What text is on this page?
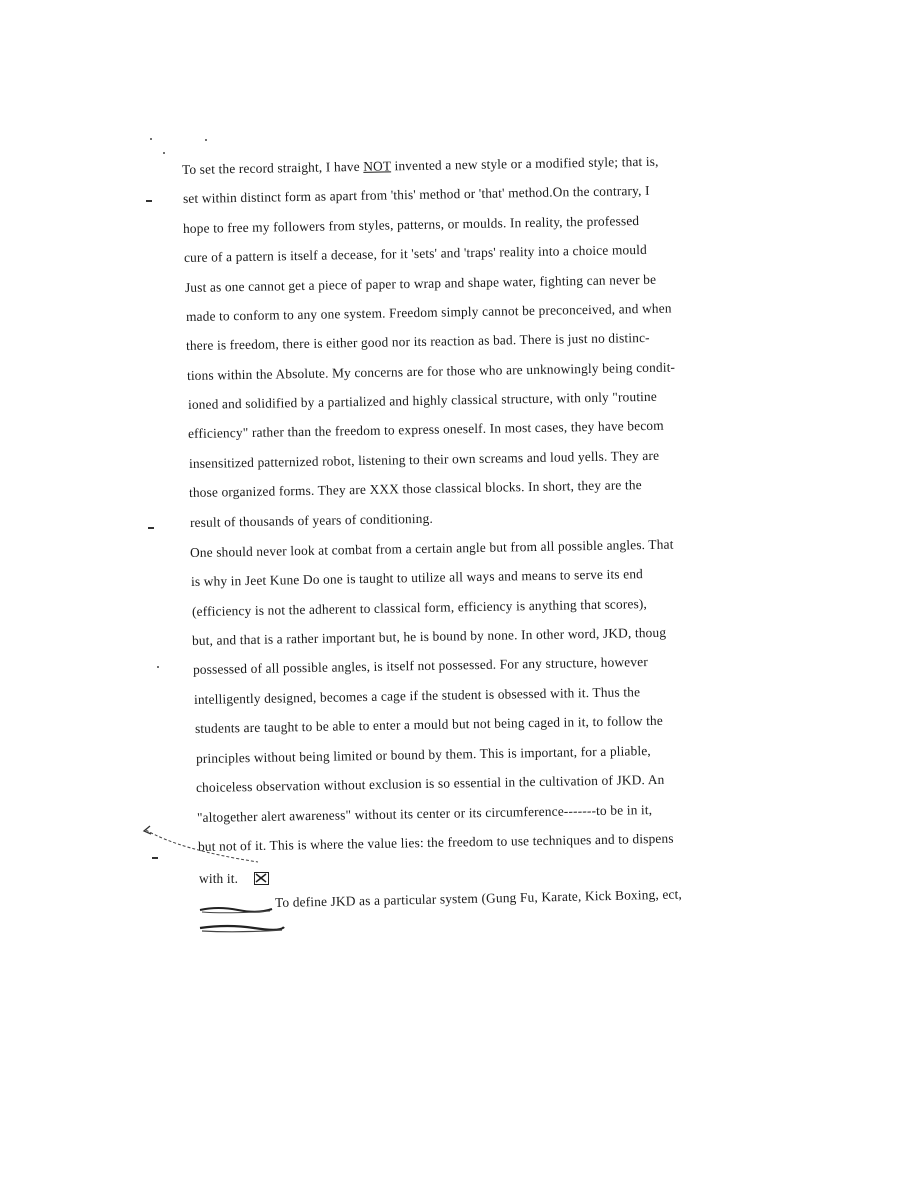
To set the record straight, I have NOT invented a new style or a modified style; that is,
set within distinct form as apart from 'this' method or 'that' method.On the contrary, I
hope to free my followers from styles, patterns, or moulds. In reality, the professed
cure of a pattern is itself a decease, for it 'sets' and 'traps' reality into a choice mould
Just as one cannot get a piece of paper to wrap and shape water, fighting can never be
made to conform to any one system. Freedom simply cannot be preconceived, and when
there is freedom, there is either good nor its reaction as bad. There is just no distinc-
tions within the Absolute. My concerns are for those who are unknowingly being condit-
ioned and solidified by a partialized and highly classical structure, with only "routine
efficiency" rather than the freedom to express oneself. In most cases, they have becom
insensitized patternized robot, listening to their own screams and loud yells. They are
those organized forms. They are XXX those classical blocks. In short, they are the
result of thousands of years of conditioning.
One should never look at combat from a certain angle but from all possible angles. That
is why in Jeet Kune Do one is taught to utilize all ways and means to serve its end
(efficiency is not the adherent to classical form, efficiency is anything that scores),
but, and that is a rather important but, he is bound by none. In other word, JKD, thoug
possessed of all possible angles, is itself not possessed. For any structure, however
intelligently designed, becomes a cage if the student is obsessed with it. Thus the
students are taught to be able to enter a mould but not being caged in it, to follow the
principles without being limited or bound by them. This is important, for a pliable,
choiceless observation without exclusion is so essential in the cultivation of JKD. An
"altogether alert awareness" without its center or its circumference-------to be in it,
but not of it. This is where the value lies: the freedom to use techniques and to dispens
with it.
To define JKD as a particular system (Gung Fu, Karate, Kick Boxing, ect,
